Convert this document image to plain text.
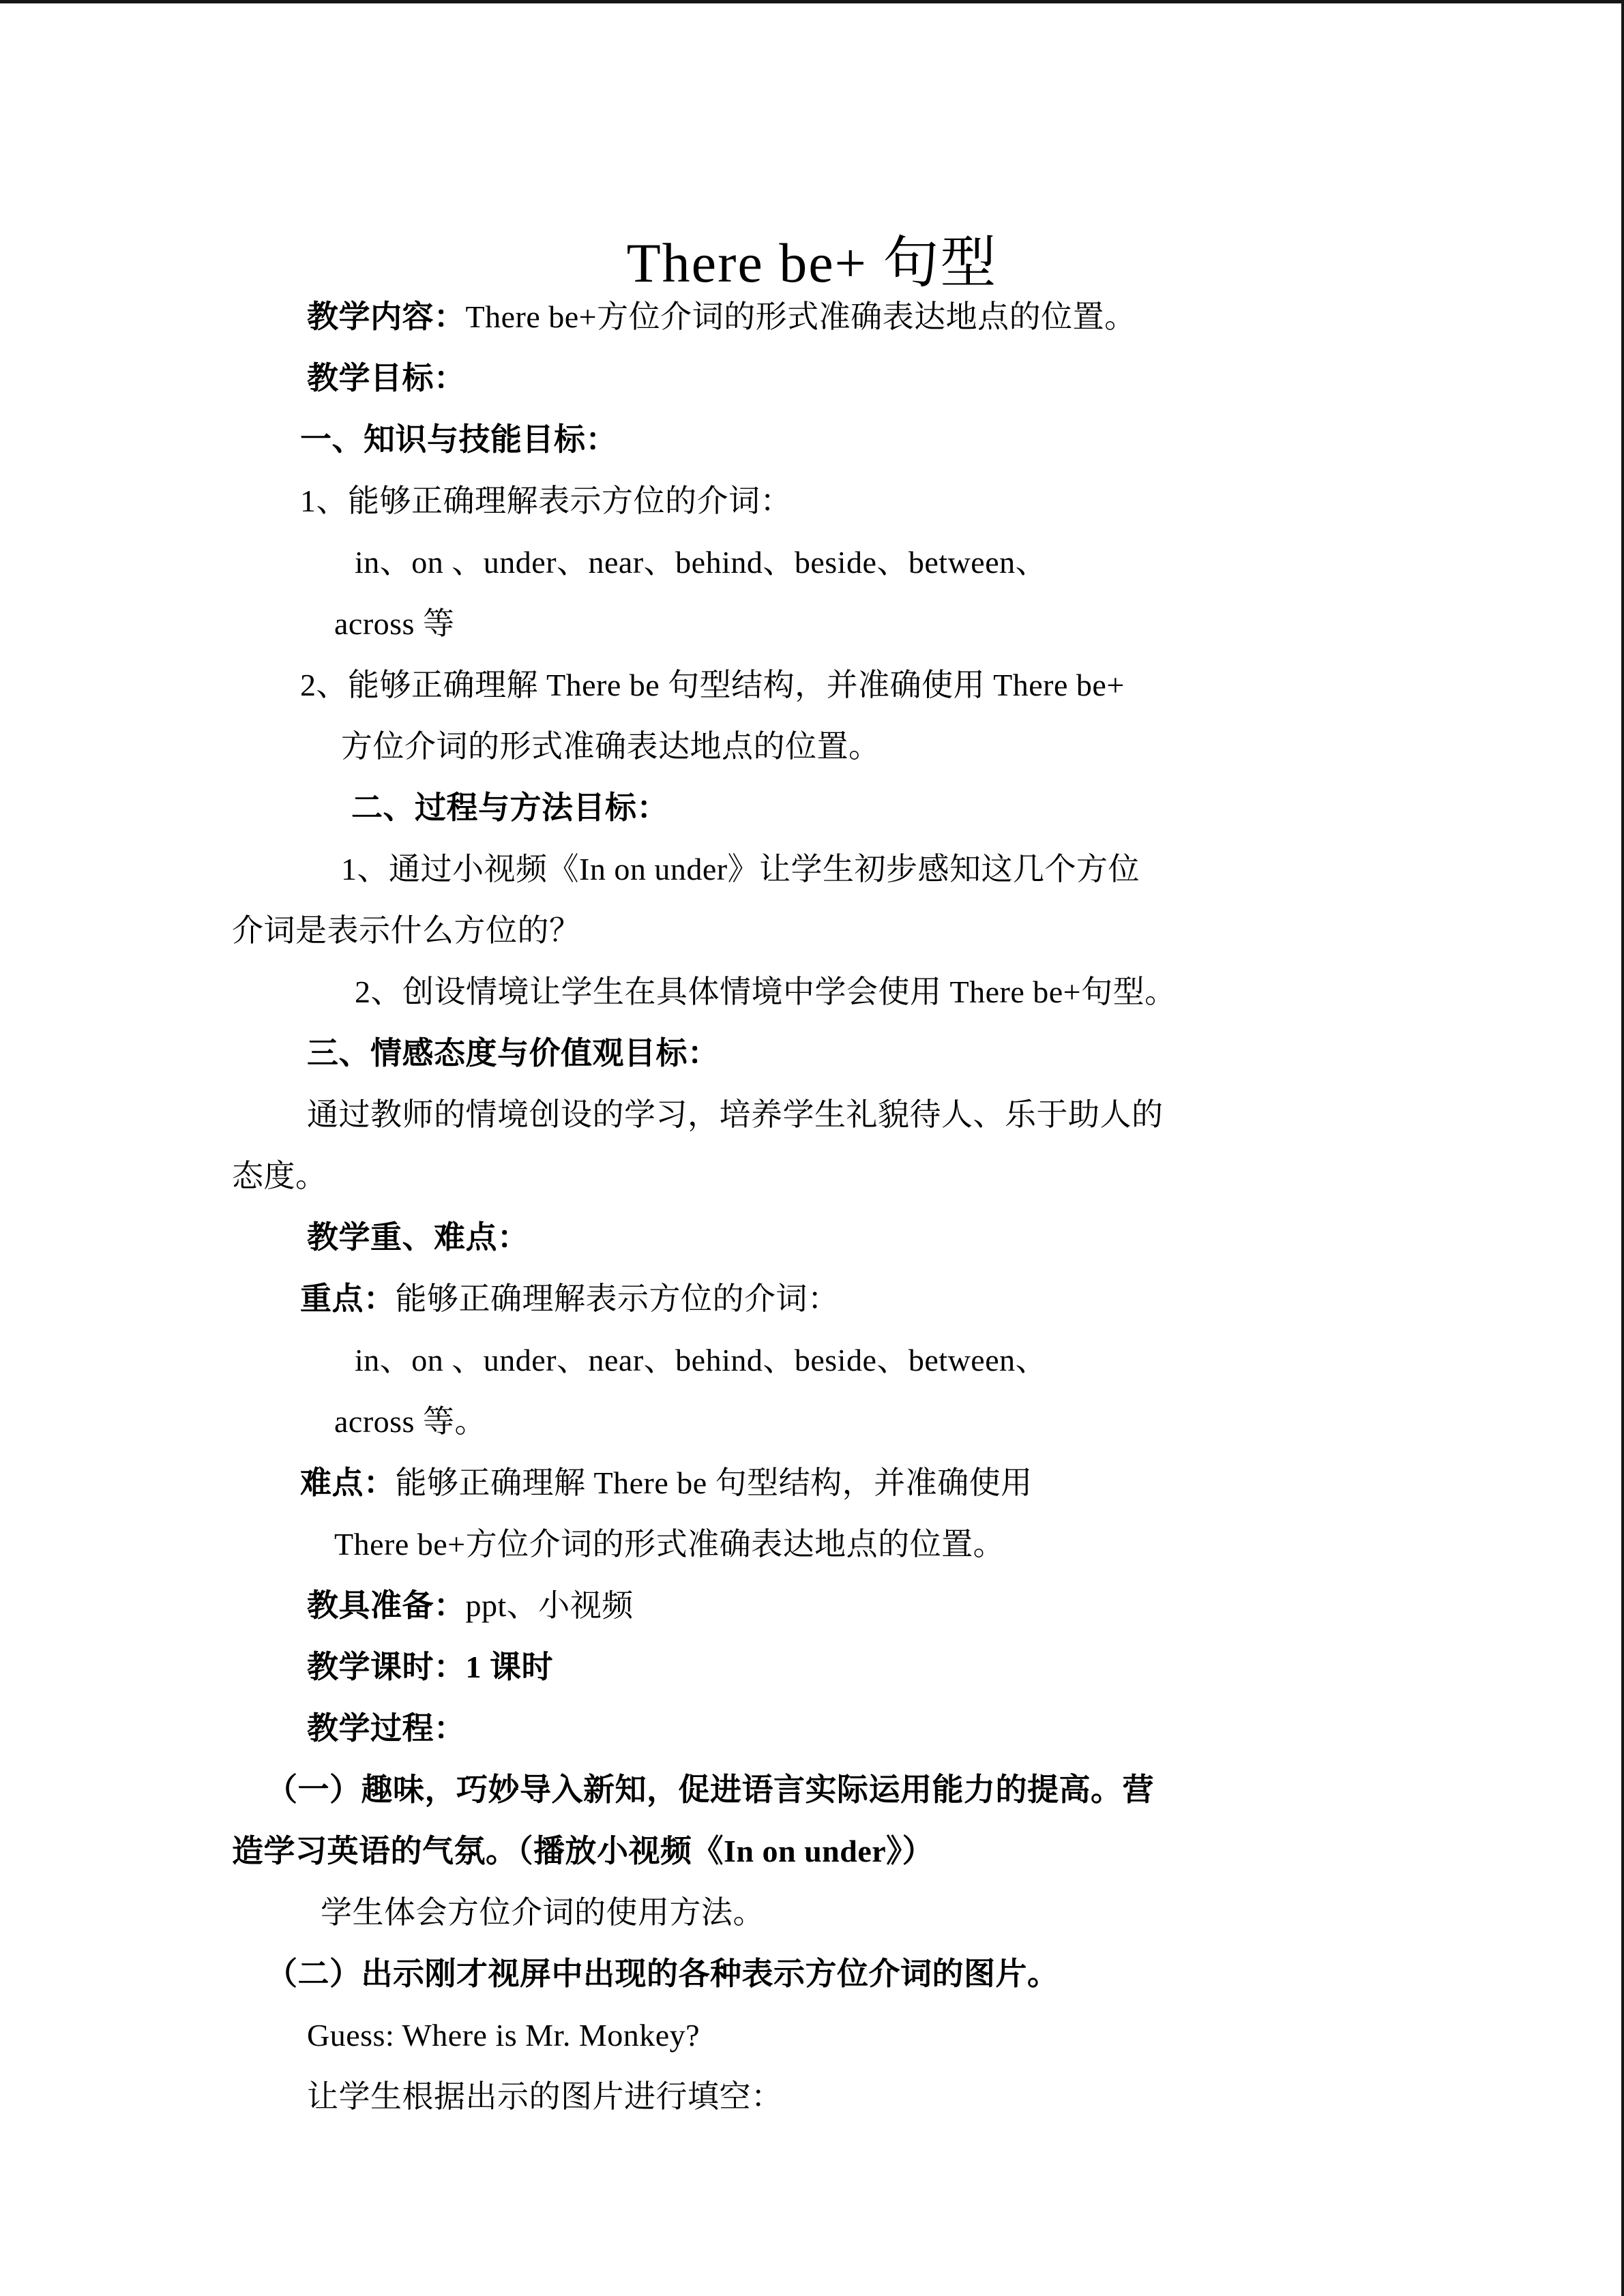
There be+ 句型

教学内容：There be+方位介词的形式准确表达地点的位置。

教学目标：

一、知识与技能目标：

1、能够正确理解表示方位的介词：

in、on 、under、near、behind、beside、between、

across 等

2、能够正确理解 There be 句型结构，并准确使用 There be+

方位介词的形式准确表达地点的位置。

二、过程与方法目标：

1、通过小视频《In on under》让学生初步感知这几个方位

介词是表示什么方位的？

2、创设情境让学生在具体情境中学会使用 There be+句型。

三、情感态度与价值观目标：

通过教师的情境创设的学习，培养学生礼貌待人、乐于助人的

态度。

教学重、难点：

重点：能够正确理解表示方位的介词：

in、on 、under、near、behind、beside、between、

across 等。

难点：能够正确理解 There be 句型结构，并准确使用

There be+方位介词的形式准确表达地点的位置。

教具准备：ppt、小视频

教学课时：1 课时

教学过程：

（一）趣味，巧妙导入新知，促进语言实际运用能力的提高。营

造学习英语的气氛。（播放小视频《In on under》）

学生体会方位介词的使用方法。

（二）出示刚才视屏中出现的各种表示方位介词的图片。

Guess: Where is Mr. Monkey?

让学生根据出示的图片进行填空：
